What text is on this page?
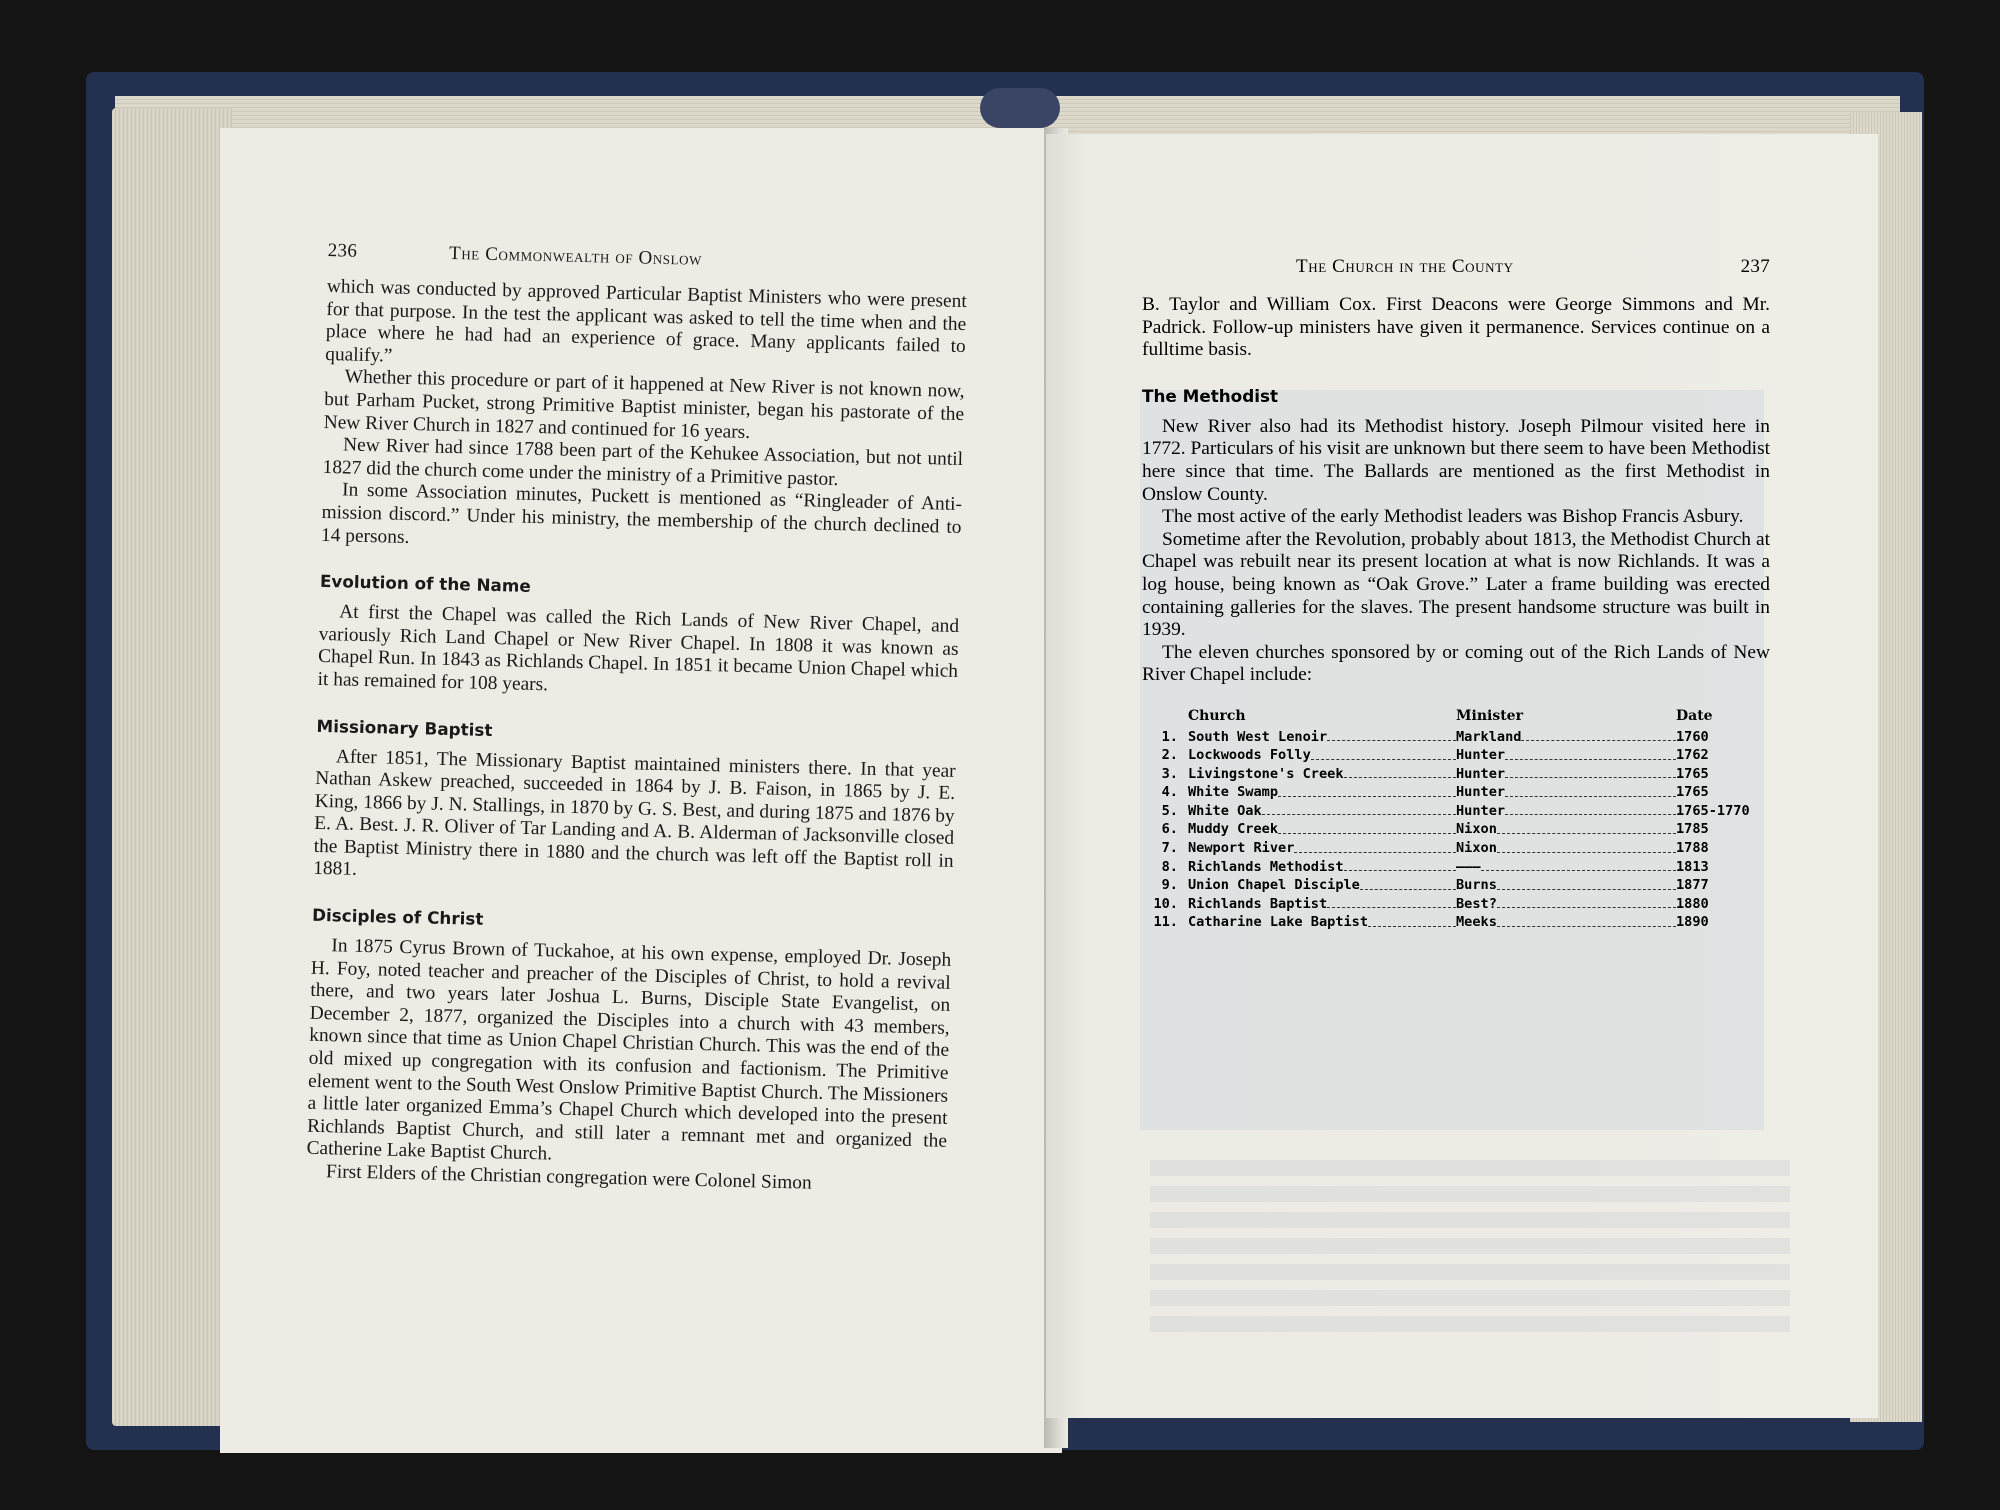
236	The Commonwealth of Onslow

which was conducted by approved Particular Baptist Ministers who were present for that purpose. In the test the applicant was asked to tell the time when and the place where he had had an experience of grace. Many applicants failed to qualify.”

Whether this procedure or part of it happened at New River is not known now, but Parham Pucket, strong Primitive Baptist minister, began his pastorate of the New River Church in 1827 and continued for 16 years.

New River had since 1788 been part of the Kehukee Association, but not until 1827 did the church come under the ministry of a Primitive pastor.

In some Association minutes, Puckett is mentioned as “Ringleader of Anti-mission discord.” Under his ministry, the membership of the church declined to 14 persons.

Evolution of the Name

At first the Chapel was called the Rich Lands of New River Chapel, and variously Rich Land Chapel or New River Chapel. In 1808 it was known as Chapel Run. In 1843 as Richlands Chapel. In 1851 it became Union Chapel which it has remained for 108 years.

Missionary Baptist

After 1851, The Missionary Baptist maintained ministers there. In that year Nathan Askew preached, succeeded in 1864 by J. B. Faison, in 1865 by J. E. King, 1866 by J. N. Stallings, in 1870 by G. S. Best, and during 1875 and 1876 by E. A. Best. J. R. Oliver of Tar Landing and A. B. Alderman of Jacksonville closed the Baptist Ministry there in 1880 and the church was left off the Baptist roll in 1881.

Disciples of Christ

In 1875 Cyrus Brown of Tuckahoe, at his own expense, employed Dr. Joseph H. Foy, noted teacher and preacher of the Disciples of Christ, to hold a revival there, and two years later Joshua L. Burns, Disciple State Evangelist, on December 2, 1877, organized the Disciples into a church with 43 members, known since that time as Union Chapel Christian Church. This was the end of the old mixed up congregation with its confusion and factionism. The Primitive element went to the South West Onslow Primitive Baptist Church. The Missioners a little later organized Emma’s Chapel Church which developed into the present Richlands Baptist Church, and still later a remnant met and organized the Catherine Lake Baptist Church.

First Elders of the Christian congregation were Colonel Simon

The Church in the County	237

B. Taylor and William Cox. First Deacons were George Simmons and Mr. Padrick. Follow-up ministers have given it permanence. Services continue on a fulltime basis.

The Methodist

New River also had its Methodist history. Joseph Pilmour visited here in 1772. Particulars of his visit are unknown but there seem to have been Methodist here since that time. The Ballards are mentioned as the first Methodist in Onslow County.

The most active of the early Methodist leaders was Bishop Francis Asbury.

Sometime after the Revolution, probably about 1813, the Methodist Church at Chapel was rebuilt near its present location at what is now Richlands. It was a log house, being known as “Oak Grove.” Later a frame building was erected containing galleries for the slaves. The present handsome structure was built in 1939.

The eleven churches sponsored by or coming out of the Rich Lands of New River Chapel include:

	Church	Minister	Date
1.	South West Lenoir	Markland	1760
2.	Lockwoods Folly	Hunter	1762
3.	Livingstone's Creek	Hunter	1765
4.	White Swamp	Hunter	1765
5.	White Oak	Hunter	1765-1770
6.	Muddy Creek	Nixon	1785
7.	Newport River	Nixon	1788
8.	Richlands Methodist	———	1813
9.	Union Chapel Disciple	Burns	1877
10.	Richlands Baptist	Best?	1880
11.	Catharine Lake Baptist	Meeks	1890
